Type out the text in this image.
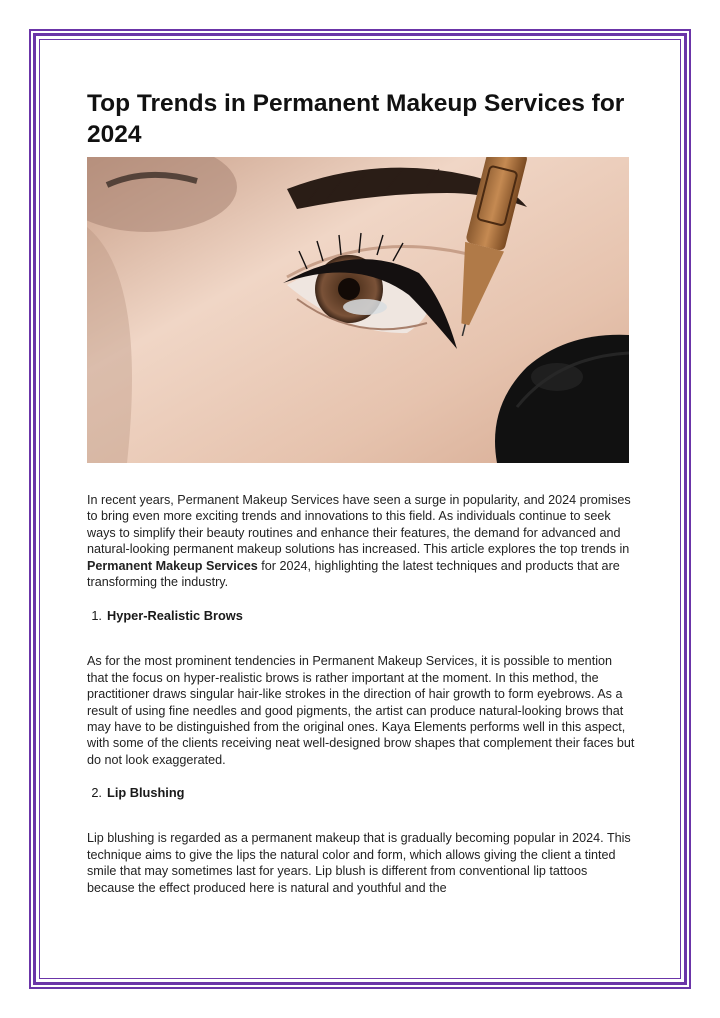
Top Trends in Permanent Makeup Services for 2024

In recent years, Permanent Makeup Services have seen a surge in popularity, and 2024 promises to bring even more exciting trends and innovations to this field. As individuals continue to seek ways to simplify their beauty routines and enhance their features, the demand for advanced and natural-looking permanent makeup solutions has increased. This article explores the top trends in Permanent Makeup Services for 2024, highlighting the latest techniques and products that are transforming the industry.

1. Hyper-Realistic Brows

As for the most prominent tendencies in Permanent Makeup Services, it is possible to mention that the focus on hyper-realistic brows is rather important at the moment. In this method, the practitioner draws singular hair-like strokes in the direction of hair growth to form eyebrows. As a result of using fine needles and good pigments, the artist can produce natural-looking brows that may have to be distinguished from the original ones. Kaya Elements performs well in this aspect, with some of the clients receiving neat well-designed brow shapes that complement their faces but do not look exaggerated.

2. Lip Blushing

Lip blushing is regarded as a permanent makeup that is gradually becoming popular in 2024. This technique aims to give the lips the natural color and form, which allows giving the client a tinted smile that may sometimes last for years. Lip blush is different from conventional lip tattoos because the effect produced here is natural and youthful and the
